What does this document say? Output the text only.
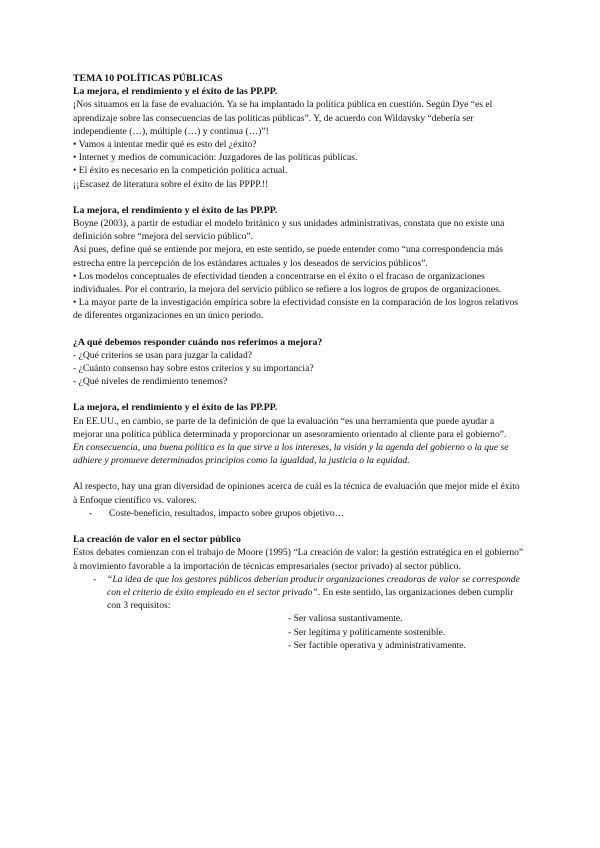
TEMA 10 POLÍTICAS PÚBLICAS

La mejora, el rendimiento y el éxito de las PP.PP.

¡Nos situamos en la fase de evaluación. Ya se ha implantado la política pública en cuestión. Según Dye “es el aprendizaje sobre las consecuencias de las políticas públicas”. Y, de acuerdo con Wildavsky “debería ser independiente (…), múltiple (…) y continua (…)”!

• Vamos a intentar medir qué es esto del ¿éxito?

• Internet y medios de comunicación: Juzgadores de las políticas públicas.

• El éxito es necesario en la competición política actual.

¡¡Escasez de literatura sobre el éxito de las PPPP.!!

La mejora, el rendimiento y el éxito de las PP.PP.

Boyne (2003), a partir de estudiar el modelo británico y sus unidades administrativas, constata que no existe una definición sobre “mejora del servicio público”.

Así pues, define qué se entiende por mejora, en este sentido, se puede entender como “una correspondencia más estrecha entre la percepción de los estándares actuales y los deseados de servicios públicos”.

• Los modelos conceptuales de efectividad tienden a concentrarse en el éxito o el fracaso de organizaciones individuales. Por el contrario, la mejora del servicio público se refiere a los logros de grupos de organizaciones.

• La mayor parte de la investigación empírica sobre la efectividad consiste en la comparación de los logros relativos de diferentes organizaciones en un único periodo.

¿A qué debemos responder cuándo nos referimos a mejora?

- ¿Qué criterios se usan para juzgar la calidad?

- ¿Cuánto consenso hay sobre estos criterios y su importancia?

- ¿Qué niveles de rendimiento tenemos?

La mejora, el rendimiento y el éxito de las PP.PP.

En EE.UU., en cambio, se parte de la definición de que la evaluación “es una herramienta que puede ayudar a mejorar una política pública determinada y proporcionar un asesoramiento orientado al cliente para el gobierno”.

En consecuencia, una buena política es la que sirve a los intereses, la visión y la agenda del gobierno o la que se adhiere y promueve determinados principios como la igualdad, la justicia o la equidad.

Al respecto, hay una gran diversidad de opiniones acerca de cuál es la técnica de evaluación que mejor mide el éxito à Enfoque científico vs. valores.

-	Coste-beneficio, resultados, impacto sobre grupos objetivo…

La creación de valor en el sector público

Estos debates comienzan con el trabajo de Moore (1995) “La creación de valor: la gestión estratégica en el gobierno” à movimiento favorable a la importación de técnicas empresariales (sector privado) al sector público.

-	“La idea de que los gestores públicos deberían producir organizaciones creadoras de valor se corresponde con el criterio de éxito empleado en el sector privado”. En este sentido, las organizaciones deben cumplir con 3 requisitos:

- Ser valiosa sustantivamente.

- Ser legítima y políticamente sostenible.

- Ser factible operativa y administrativamente.
